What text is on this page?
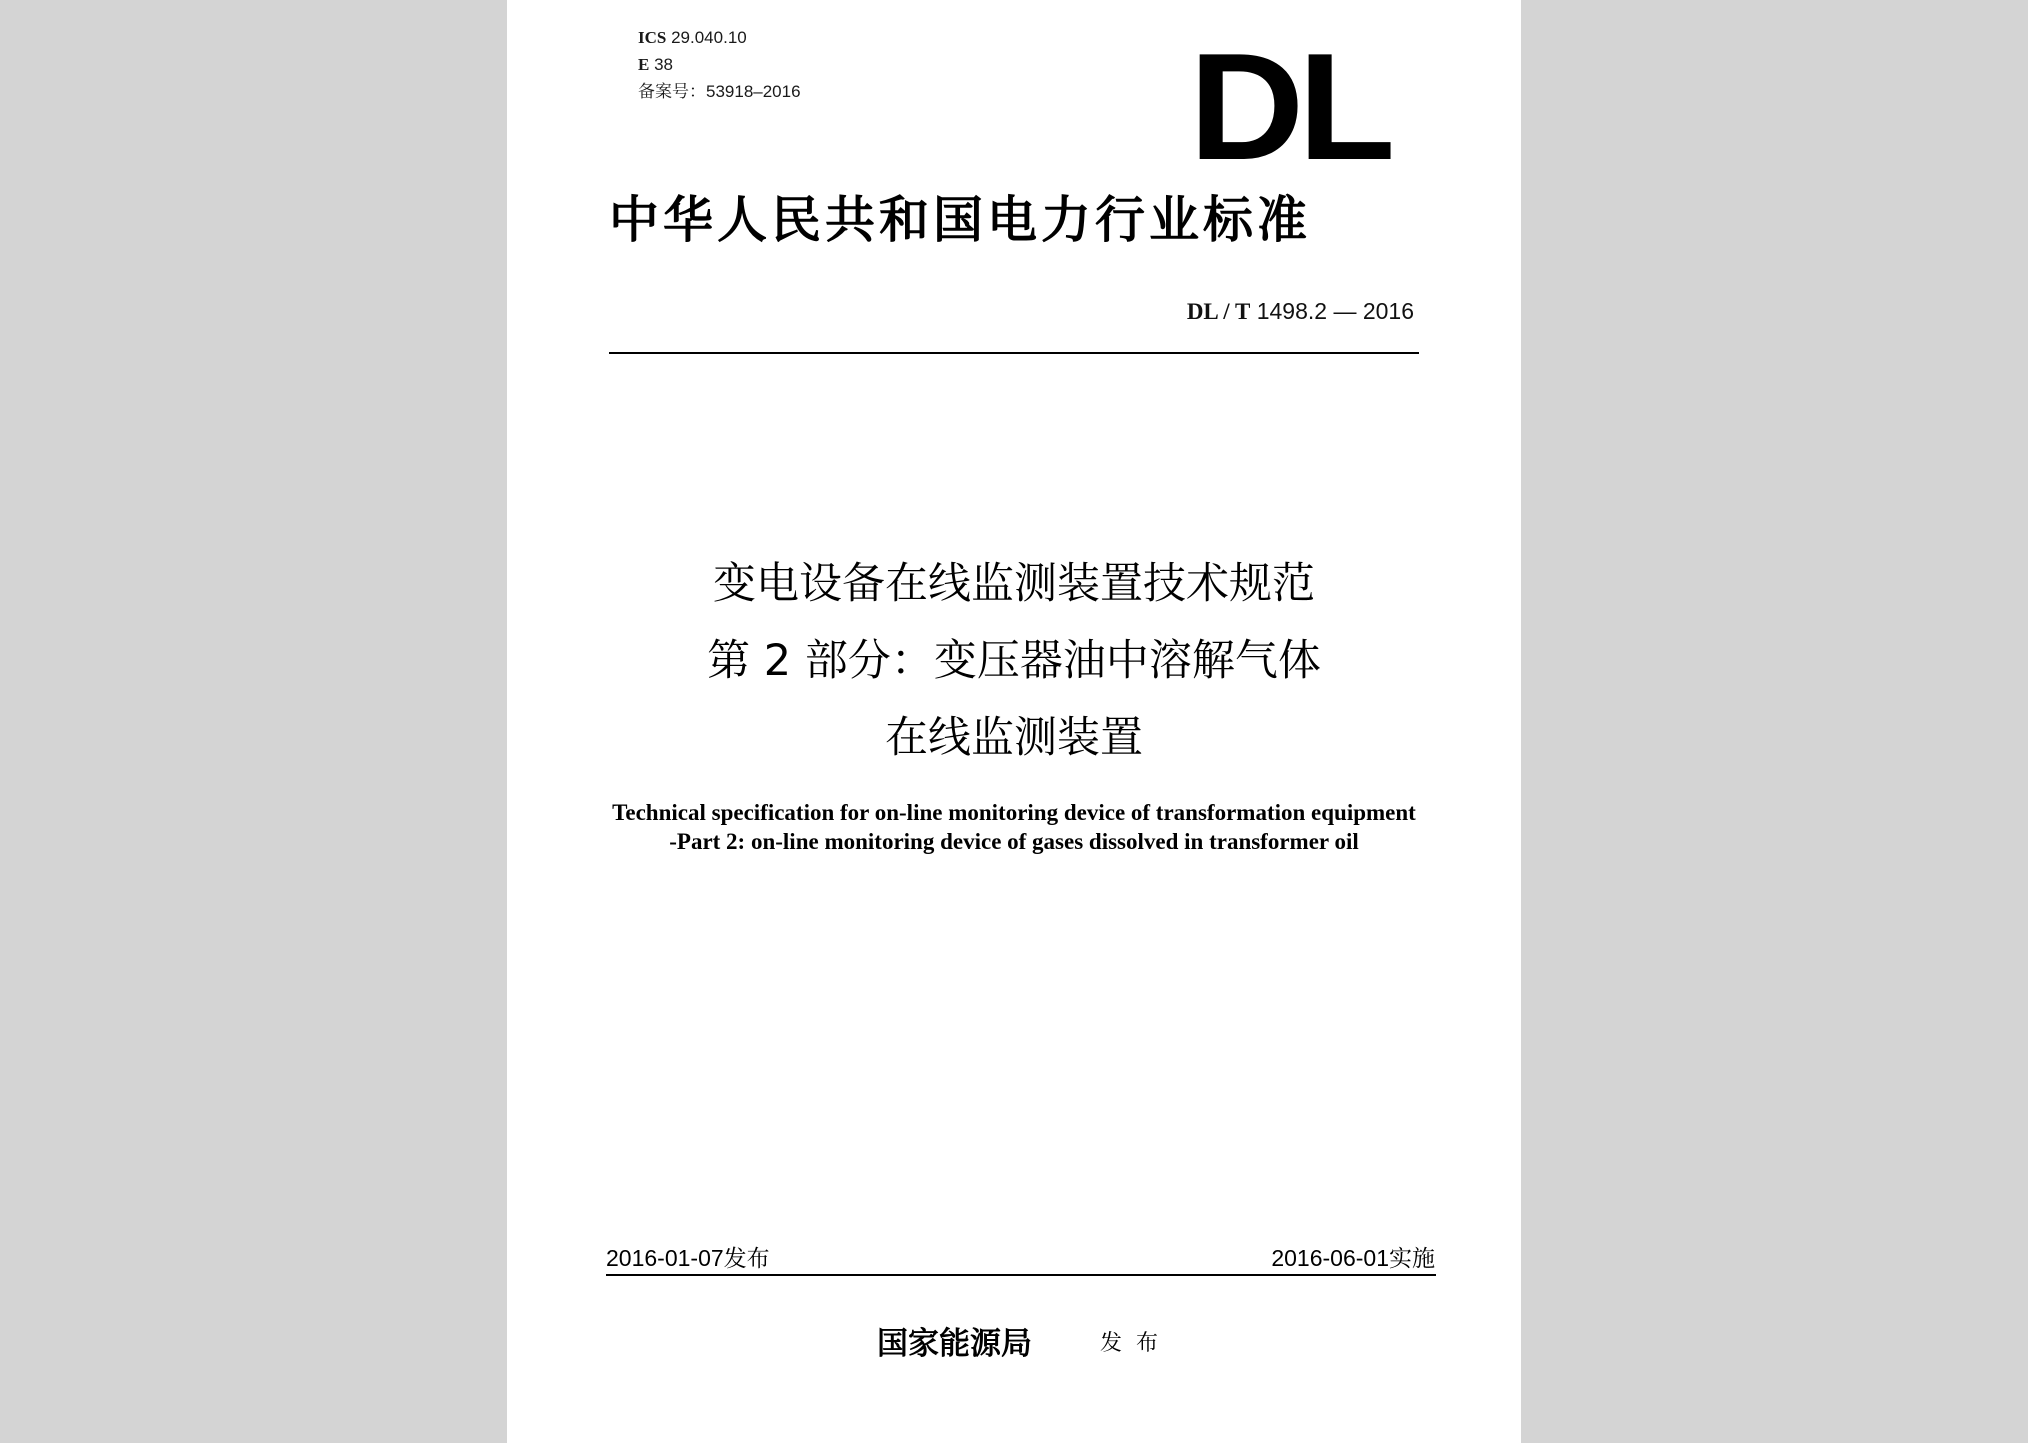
ICS 29.040.10
E 38
备案号：53918–2016	DL
中华人民共和国电力行业标准
DL / T 1498.2 — 2016
变电设备在线监测装置技术规范
第 2 部分：变压器油中溶解气体
在线监测装置
Technical specification for on-line monitoring device of transformation equipment
-Part 2: on-line monitoring device of gases dissolved in transformer oil
2016-01-07发布	2016-06-01实施
国家能源局	发布
